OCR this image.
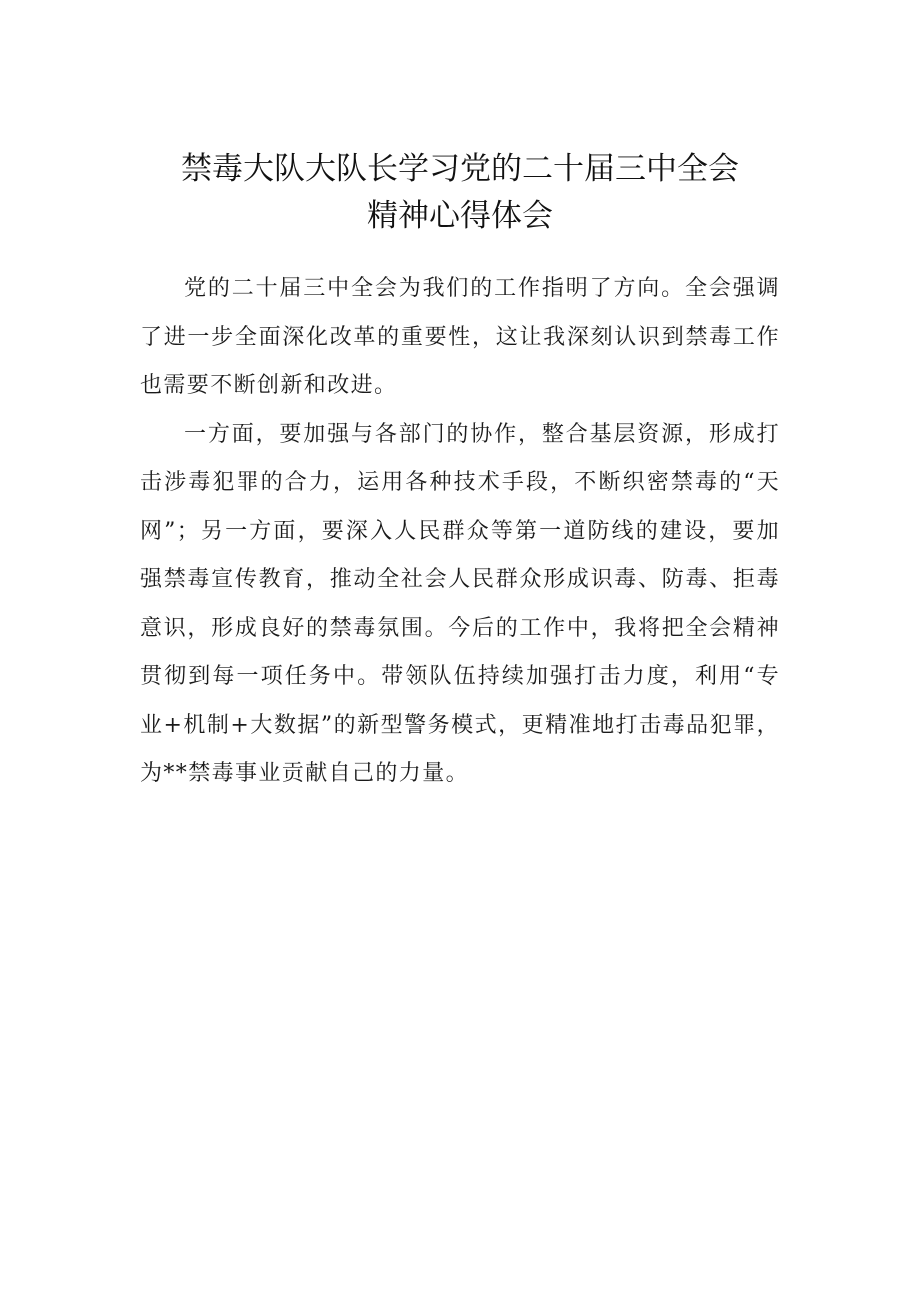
禁毒大队大队长学习党的二十届三中全会
精神心得体会

党的二十届三中全会为我们的工作指明了方向。全会强调了进一步全面深化改革的重要性，这让我深刻认识到禁毒工作也需要不断创新和改进。

一方面，要加强与各部门的协作，整合基层资源，形成打击涉毒犯罪的合力，运用各种技术手段，不断织密禁毒的“天网”；另一方面，要深入人民群众等第一道防线的建设，要加强禁毒宣传教育，推动全社会人民群众形成识毒、防毒、拒毒意识，形成良好的禁毒氛围。今后的工作中，我将把全会精神贯彻到每一项任务中。带领队伍持续加强打击力度，利用“专业+机制+大数据”的新型警务模式，更精准地打击毒品犯罪，为**禁毒事业贡献自己的力量。
